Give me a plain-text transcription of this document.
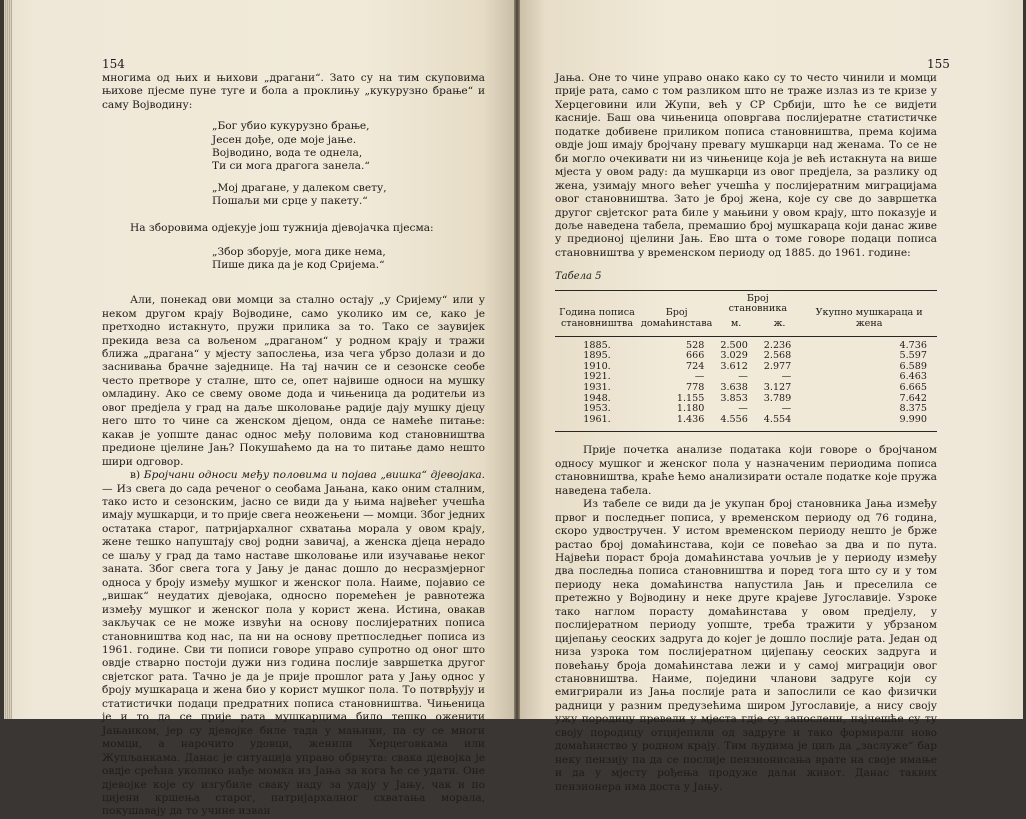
154	155

многима од њих и њихови „драгани“. Зато су на тим скуповима њихове пјесме пуне туге и бола а проклињу „кукурузно брање“ и саму Војводину:

„Бог убио кукурузно брање,
Јесен дође, оде моје јање.
Војводино, вода те однела,
Ти си мога драгога занела.“
„Мој драгане, у далеком свету,
Пошаљи ми срце у пакету.“

На зборовима одјекује још тужнија дјевојачка пјесма:

„Збор зборује, мога дике нема,
Пише дика да је код Сријема.“

Али, понекад ови момци за сталнo остају „у Сријему“ или у неком другом крају Војводине, само уколико им се, како је претходно истакнуто, пружи прилика за то. Тако се заувијек прекида веза са вољеном „драганом“ у родном крају и тражи ближа „драгана“ у мјесту запослења, иза чега убрзо долази и до заснивања брачне заједнице. На тај начин се и сезонске сеобе често претворе у сталне, што се, опет највише односи на мушку омладину. Ако се свему овоме дода и чињеница да родитељи из овог предјела у град на даље школовање радије дају мушку дјецу него што то чине са женском дјецом, онда се намеће питање: какав је уопште данас однос међу половима код становништва предионе цјелине Јањ? Покушаћемо да на то питање дамо нешто шири одговор.

в) Бројчани односи међу половима и појава „вишка“ дјевојака. — Из свега до сада реченог о сеобама Јањана, како оним сталним, тако исто и сезонским, јасно се види да у њима највећег учешћа имају мушкарци, и то прије свега неожењени — момци. Због једних остатака старог, патријархалног схватања морала у овом крају, жене тешко напуштају свој родни завичај, а женска дјеца нерадо се шаљу у град да тамо наставе школовање или изучавање неког заната. Због свега тога у Јању је данас дошло до несразмјерног односа у броју између мушког и женског пола. Наиме, појавио се „вишак“ неудатих дјевојака, односно поремећен је равнотежа између мушког и женског пола у корист жена. Истина, овакав закључак се не може извући на основу послијератних пописа становништва код нас, па ни на основу претпоследњег пописа из 1961. године. Сви ти пописи говоре управо супротно од оног што овдје стварно постоји дужи низ година послије завршетка другог свјетског рата. Тачно је да је прије прошлог рата у Јању однос у броју мушкараца и жена био у корист мушког пола. То потврђују и статистички подаци предратних пописа становништва. Чињеница је и то да се прије рата мушкарцима било тешко оженити Јањанком, јер су дјевојке биле тада у мањини, па су се многи момци, а нарочито удовци, женили Херцеговкама или Жупљанкама. Данас је ситуација управо обрнута: свака дјевојка је овдје срећна уколико нађе момка из Јања за кога ће се удати. Оне дјевојке које су изгубиле сваку наду за удају у Јању, чак и по цијени кршења старог, патријархалног схватања морала, покушавају да то учине изван

Јања. Оне то чине управо онако како су то често чинили и момци прије рата, само с том разликом што не траже излаз из те кризе у Херцеговини или Жупи, већ у СР Србији, што ће се видјети касније. Баш ова чињеница оповргава послијератне статистичке податке добивене приликом пописа становништва, према којима овдје још имају бројчану превагу мушкарци над женама. То се не би могло очекивати ни из чињенице која је већ истакнута на више мјеста у овом раду: да мушкарци из овог предјела, за разлику од жена, узимају много већег учешћа у послијератним миграцијама овог становништва. Зато је број жена, које су све до завршетка другог свјетског рата биле у мањини у овом крају, што показује и доље наведена табела, премашио број мушкараца који данас живе у предионој цјелини Јањ. Ево шта о томе говоре подаци пописа становништва у временском периоду од 1885. до 1961. године:

Табела 5

Година пописа становништва	Број домаћинстава	Број становника		Укупно мушкараца и жена
		м.	ж.	
1885.	528	2.500	2.236	4.736
1895.	666	3.029	2.568	5.597
1910.	724	3.612	2.977	6.589
1921.	—	—	—	6.463
1931.	778	3.638	3.127	6.665
1948.	1.155	3.853	3.789	7.642
1953.	1.180	—	—	8.375
1961.	1.436	4.556	4.554	9.990

Прије почетка анализе података који говоре о бројчаном односу мушког и женског пола у назначеним периодима пописа становништва, краће ћемо анализирати остале податке које пружа наведена табела.

Из табеле се види да је укупан број становника Јања између првог и последњег пописа, у временском периоду од 76 година, скоро удвостручен. У истом временском периоду нешто је брже растао број домаћинстава, који се повећао за два и по пута. Највећи пораст броја домаћинстава уочљив је у периоду између два последња пописа становништва и поред тога што су и у том периоду нека домаћинства напустила Јањ и преселила се претежно у Војводину и неке друге крајеве Југославије. Узроке тако наглом порасту домаћинстава у овом предјелу, у послијератном периоду уопште, треба тражити у убрзаном цијепању сеоских задруга до којег је дошло послије рата. Један од низа узрока том послијератном цијепању сеоских задруга и повећању броја домаћинстава лежи и у самој миграцији овог становништва. Наиме, поједини чланови задруге који су емигрирали из Јања послије рата и запослили се као физички радници у разним предузећима широм Југославије, а нису своју ужу породицу превели у мјеста гдје су запослени, најчешће су ту своју породицу отцијепили од задруге и тако формирали ново домаћинство у родном крају. Тим људима је циљ да „заслуже“ бар неку пензију па да се послије пензионисања врате на своје имање и да у мјесту рођења продуже даљи живот. Данас таквих пензионера има доста у Јању.
